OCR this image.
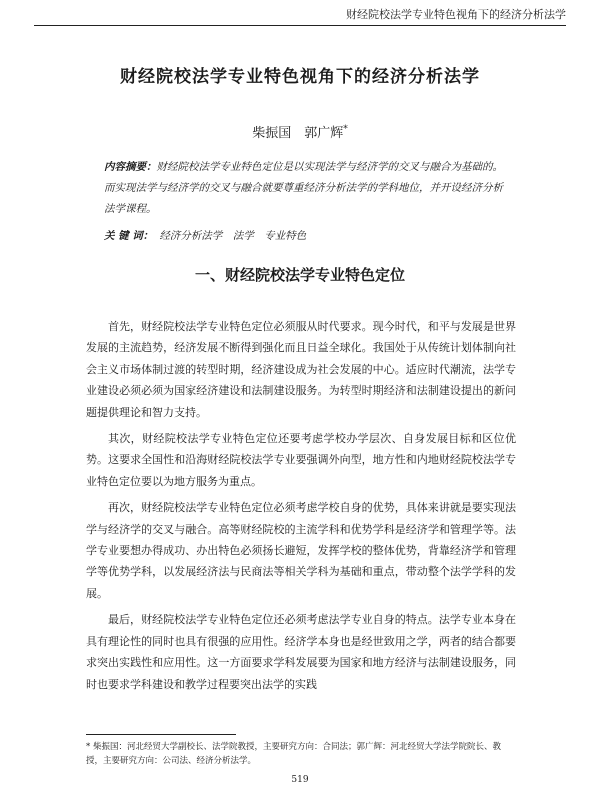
财经院校法学专业特色视角下的经济分析法学
财经院校法学专业特色视角下的经济分析法学
柴振国　郭广辉*
内容摘要：财经院校法学专业特色定位是以实现法学与经济学的交叉与融合为基础的。而实现法学与经济学的交叉与融合就要尊重经济分析法学的学科地位，并开设经济分析法学课程。
关 键 词： 经济分析法学　法学　专业特色
一、财经院校法学专业特色定位

首先，财经院校法学专业特色定位必须服从时代要求。现今时代，和平与发展是世界发展的主流趋势，经济发展不断得到强化而且日益全球化。我国处于从传统计划体制向社会主义市场体制过渡的转型时期，经济建设成为社会发展的中心。适应时代潮流，法学专业建设必须必须为国家经济建设和法制建设服务。为转型时期经济和法制建设提出的新问题提供理论和智力支持。

其次，财经院校法学专业特色定位还要考虑学校办学层次、自身发展目标和区位优势。这要求全国性和沿海财经院校法学专业要强调外向型，地方性和内地财经院校法学专业特色定位要以为地方服务为重点。

再次，财经院校法学专业特色定位必须考虑学校自身的优势，具体来讲就是要实现法学与经济学的交叉与融合。高等财经院校的主流学科和优势学科是经济学和管理学等。法学专业要想办得成功、办出特色必须扬长避短，发挥学校的整体优势，背靠经济学和管理学等优势学科，以发展经济法与民商法等相关学科为基础和重点，带动整个法学学科的发展。

最后，财经院校法学专业特色定位还必须考虑法学专业自身的特点。法学专业本身在具有理论性的同时也具有很强的应用性。经济学本身也是经世致用之学，两者的结合都要求突出实践性和应用性。这一方面要求学科发展要为国家和地方经济与法制建设服务，同时也要求学科建设和教学过程要突出法学的实践

* 柴振国：河北经贸大学副校长、法学院教授，主要研究方向：合同法；郭广辉：河北经贸大学法学院院长、教授，主要研究方向：公司法、经济分析法学。
519
